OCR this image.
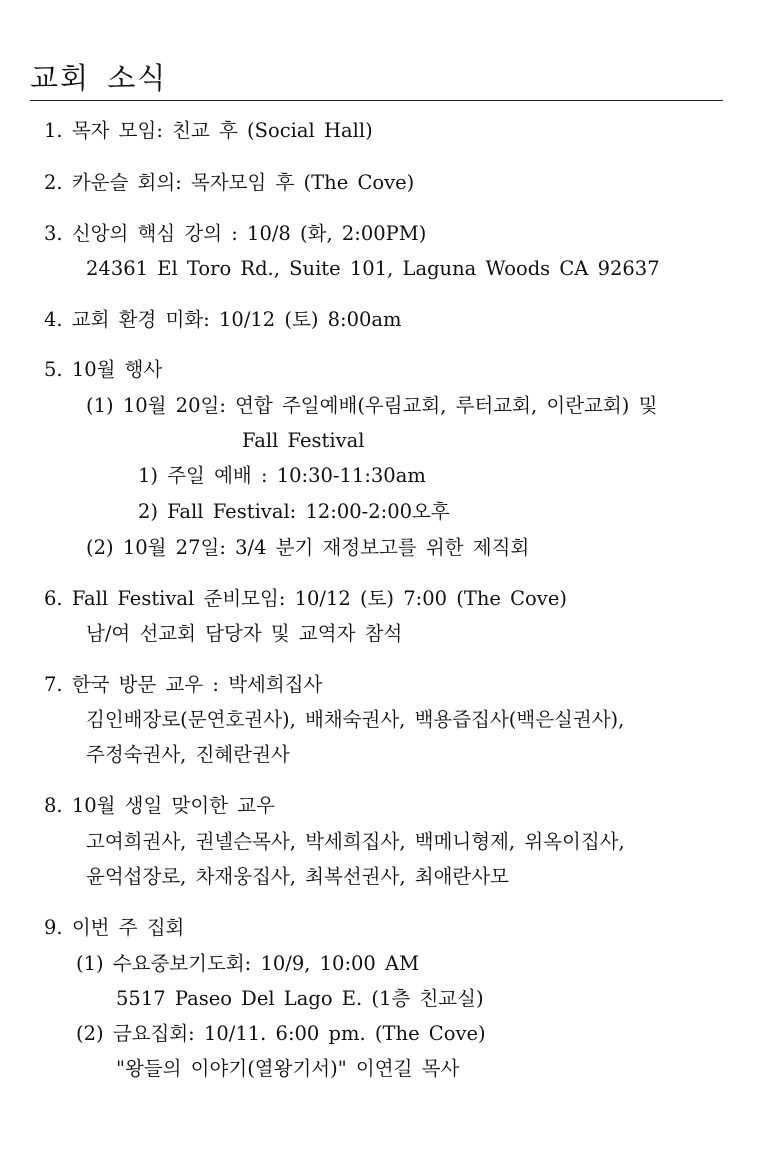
교회 소식
1. 목자 모임: 친교 후 (Social Hall)
2. 카운슬 회의: 목자모임 후 (The Cove)
3. 신앙의 핵심 강의 : 10/8 (화, 2:00PM)
24361 El Toro Rd., Suite 101, Laguna Woods CA 92637
4. 교회 환경 미화: 10/12 (토) 8:00am
5. 10월 행사
(1) 10월 20일: 연합 주일예배(우림교회, 루터교회, 이란교회) 및
Fall Festival
1) 주일 예배 : 10:30-11:30am
2) Fall Festival: 12:00-2:00오후
(2) 10월 27일: 3/4 분기 재정보고를 위한 제직회
6. Fall Festival 준비모임: 10/12 (토) 7:00 (The Cove)
남/여 선교회 담당자 및 교역자 참석
7. 한국 방문 교우 : 박세희집사
김인배장로(문연호권사), 배채숙권사, 백용즙집사(백은실권사),
주정숙권사, 진혜란권사
8. 10월 생일 맞이한 교우
고여희권사, 권넬슨목사, 박세희집사, 백메니형제, 위옥이집사,
윤억섭장로, 차재웅집사, 최복선권사, 최애란사모
9. 이번 주 집회
(1) 수요중보기도회: 10/9, 10:00 AM
5517 Paseo Del Lago E. (1층 친교실)
(2) 금요집회: 10/11. 6:00 pm. (The Cove)
"왕들의 이야기(열왕기서)" 이연길 목사
